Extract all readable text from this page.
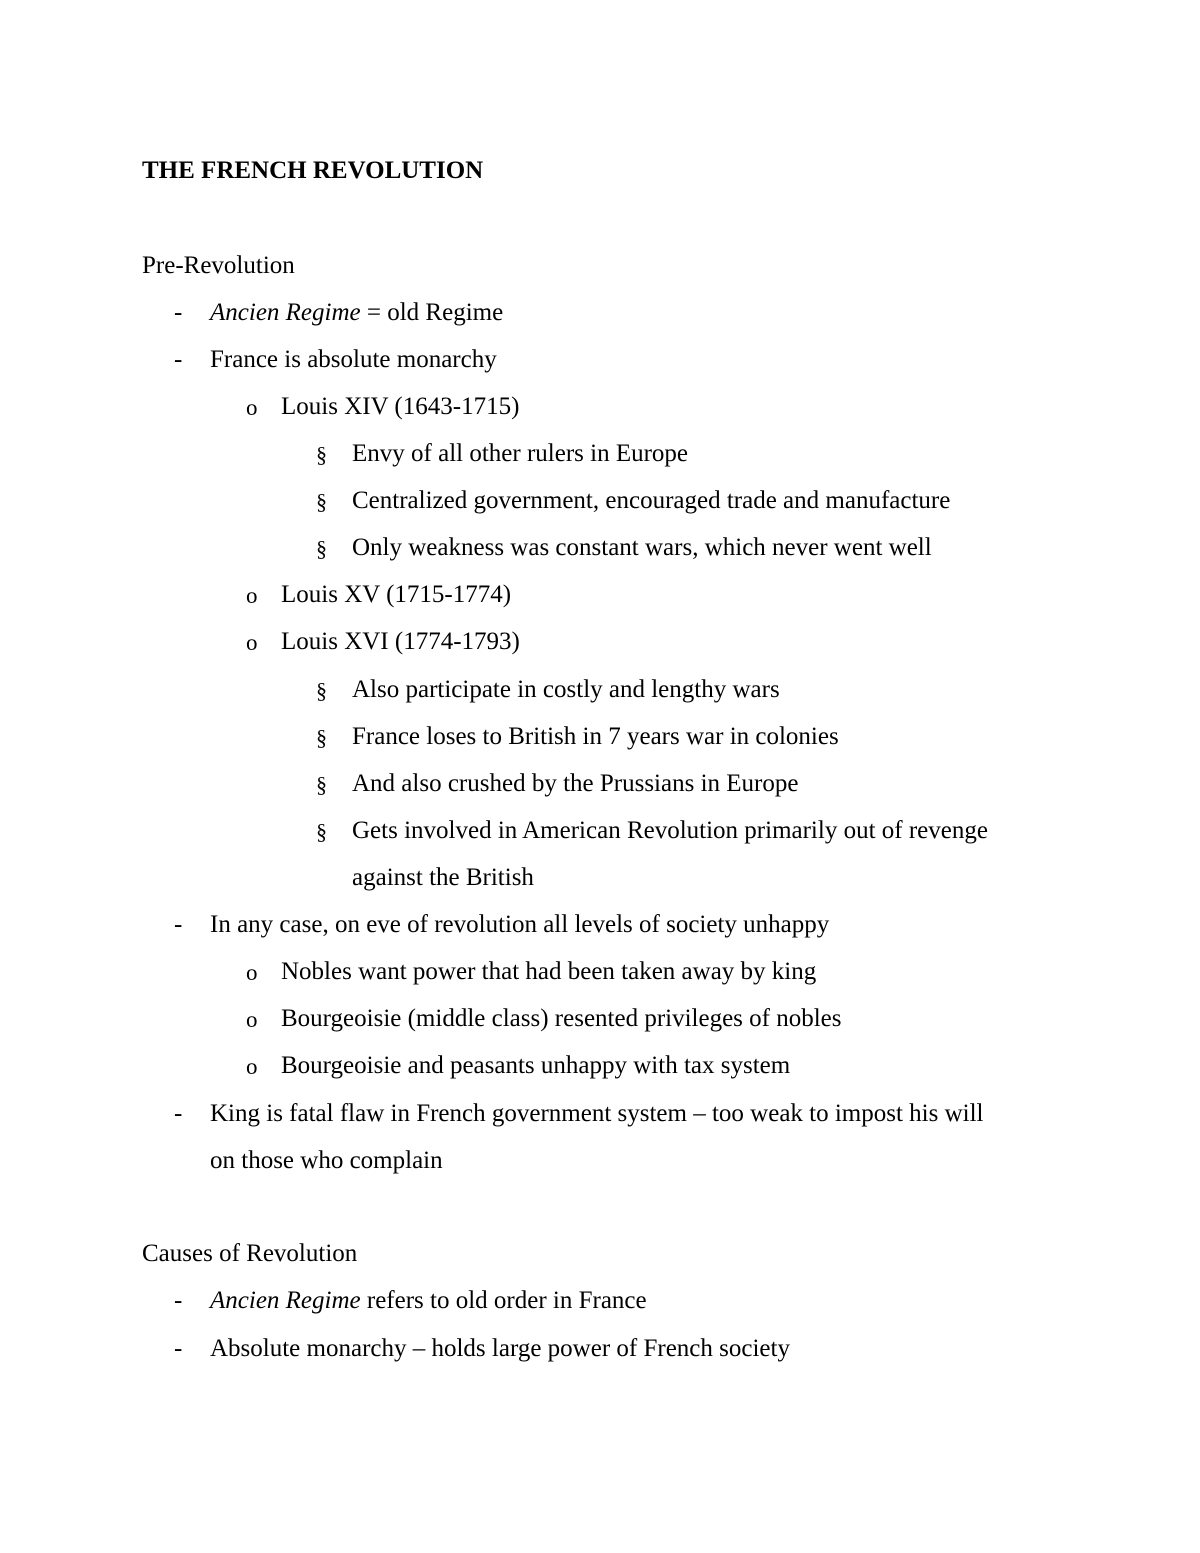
THE FRENCH REVOLUTION
Pre-Revolution
- Ancien Regime = old Regime
- France is absolute monarchy
o Louis XIV (1643-1715)
§ Envy of all other rulers in Europe
§ Centralized government, encouraged trade and manufacture
§ Only weakness was constant wars, which never went well
o Louis XV (1715-1774)
o Louis XVI (1774-1793)
§ Also participate in costly and lengthy wars
§ France loses to British in 7 years war in colonies
§ And also crushed by the Prussians in Europe
§ Gets involved in American Revolution primarily out of revenge
against the British
- In any case, on eve of revolution all levels of society unhappy
o Nobles want power that had been taken away by king
o Bourgeoisie (middle class) resented privileges of nobles
o Bourgeoisie and peasants unhappy with tax system
- King is fatal flaw in French government system – too weak to impost his will
on those who complain
Causes of Revolution
- Ancien Regime refers to old order in France
- Absolute monarchy – holds large power of French society
